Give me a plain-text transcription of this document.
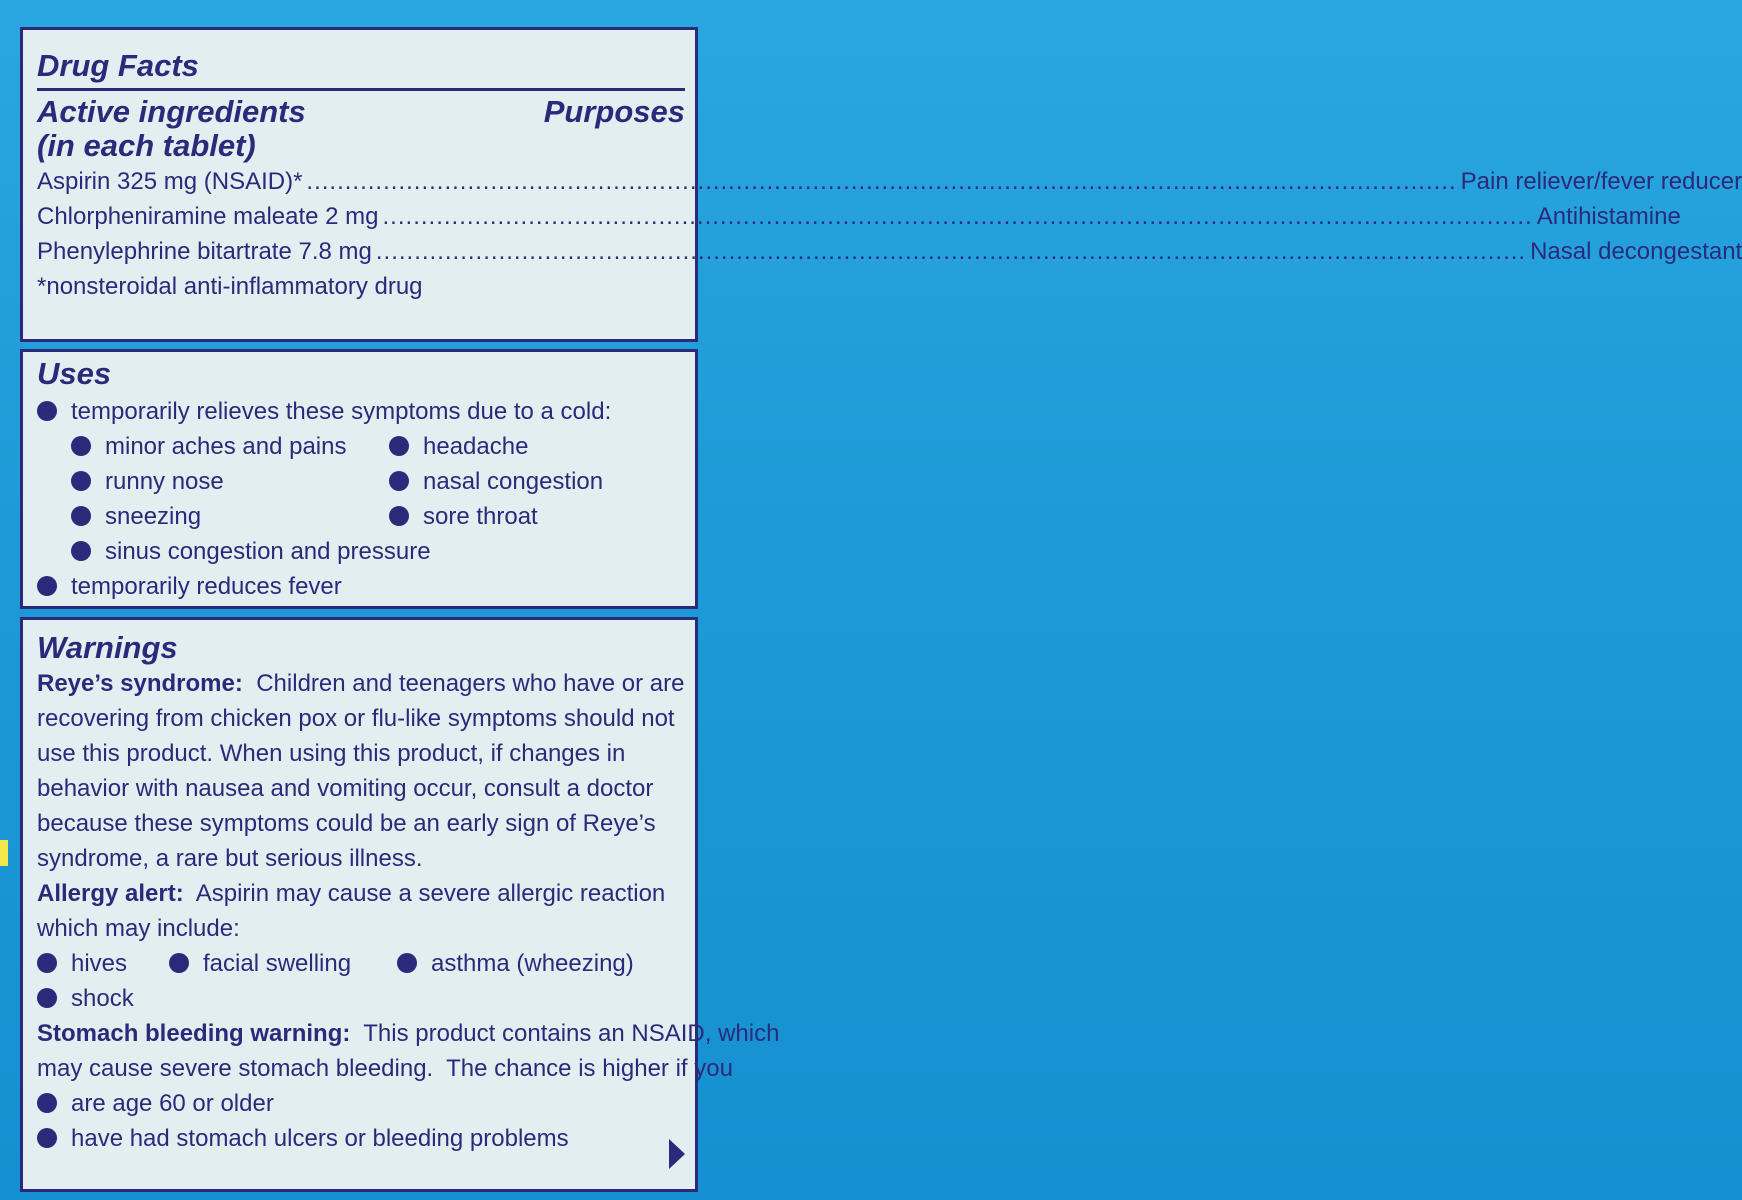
Drug Facts
Active ingredients	Purposes
(in each tablet)
Aspirin 325 mg (NSAID)* .....	Pain reliever/fever reducer
Chlorpheniramine maleate 2 mg .....	Antihistamine
Phenylephrine bitartrate 7.8 mg .....	Nasal decongestant
*nonsteroidal anti-inflammatory drug
Uses
temporarily relieves these symptoms due to a cold:
minor aches and pains
runny nose
sneezing
headache
nasal congestion
sore throat
sinus congestion and pressure
temporarily reduces fever
Warnings
Reye’s syndrome: Children and teenagers who have or are
recovering from chicken pox or flu-like symptoms should not
use this product. When using this product, if changes in
behavior with nausea and vomiting occur, consult a doctor
because these symptoms could be an early sign of Reye’s
syndrome, a rare but serious illness.
Allergy alert: Aspirin may cause a severe allergic reaction
which may include:
hives	facial swelling	asthma (wheezing)
shock
Stomach bleeding warning: This product contains an NSAID, which
may cause severe stomach bleeding.  The chance is higher if you
are age 60 or older
have had stomach ulcers or bleeding problems
